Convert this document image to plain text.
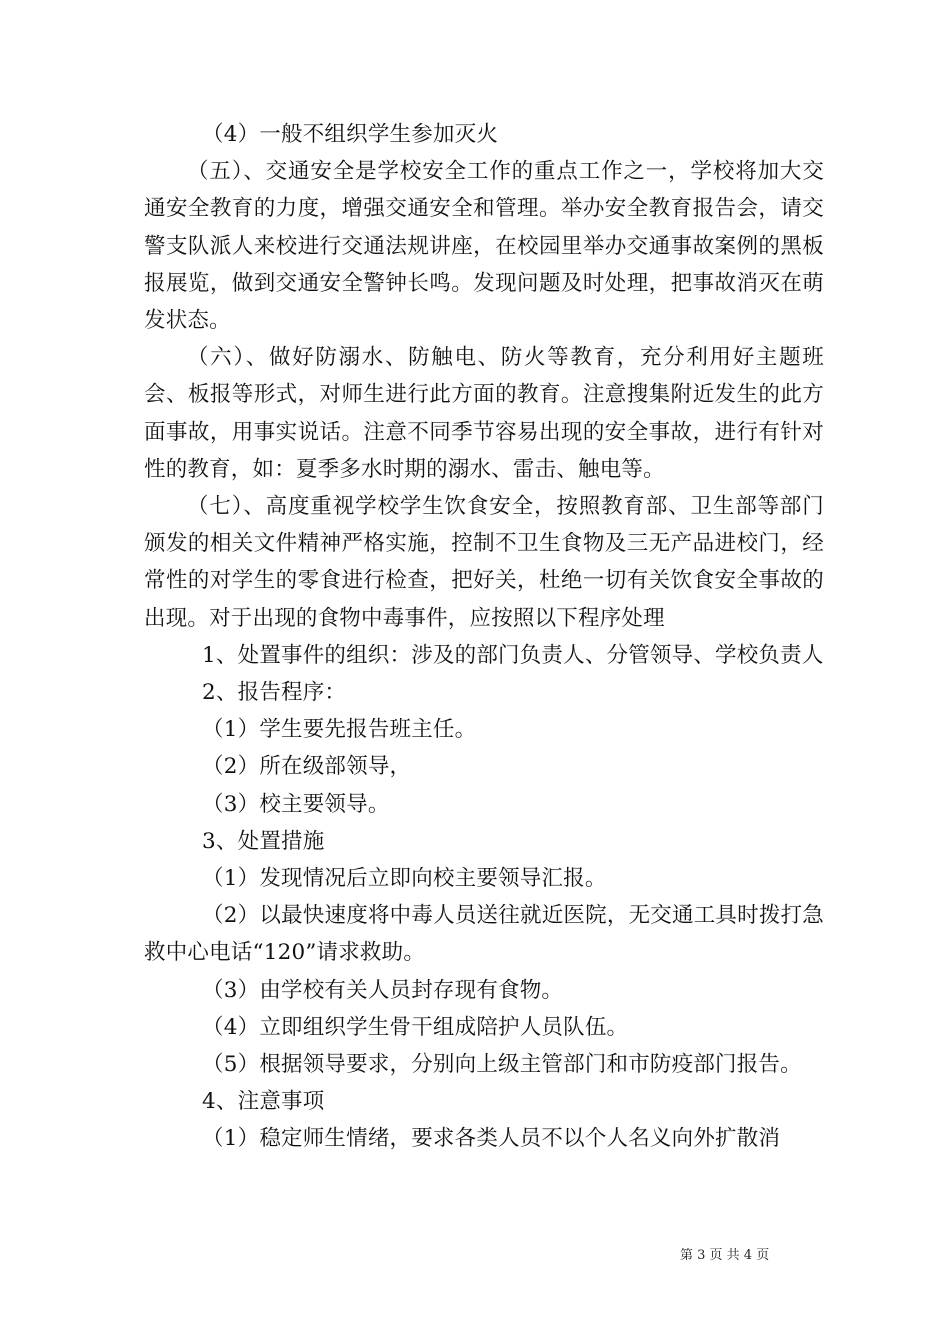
（4）一般不组织学生参加灭火

（五）、交通安全是学校安全工作的重点工作之一，学校将加大交通安全教育的力度，增强交通安全和管理。举办安全教育报告会，请交警支队派人来校进行交通法规讲座，在校园里举办交通事故案例的黑板报展览，做到交通安全警钟长鸣。发现问题及时处理，把事故消灭在萌发状态。

（六）、做好防溺水、防触电、防火等教育，充分利用好主题班会、板报等形式，对师生进行此方面的教育。注意搜集附近发生的此方面事故，用事实说话。注意不同季节容易出现的安全事故，进行有针对性的教育，如：夏季多水时期的溺水、雷击、触电等。

（七）、高度重视学校学生饮食安全，按照教育部、卫生部等部门颁发的相关文件精神严格实施，控制不卫生食物及三无产品进校门，经常性的对学生的零食进行检查，把好关，杜绝一切有关饮食安全事故的出现。对于出现的食物中毒事件，应按照以下程序处理

1、处置事件的组织：涉及的部门负责人、分管领导、学校负责人

2、报告程序：

（1）学生要先报告班主任。

（2）所在级部领导，

（3）校主要领导。

3、处置措施

（1）发现情况后立即向校主要领导汇报。

（2）以最快速度将中毒人员送往就近医院，无交通工具时拨打急救中心电话“120”请求救助。

（3）由学校有关人员封存现有食物。

（4）立即组织学生骨干组成陪护人员队伍。

（5）根据领导要求，分别向上级主管部门和市防疫部门报告。

4、注意事项

（1）稳定师生情绪，要求各类人员不以个人名义向外扩散消

第 3 页 共 4 页
